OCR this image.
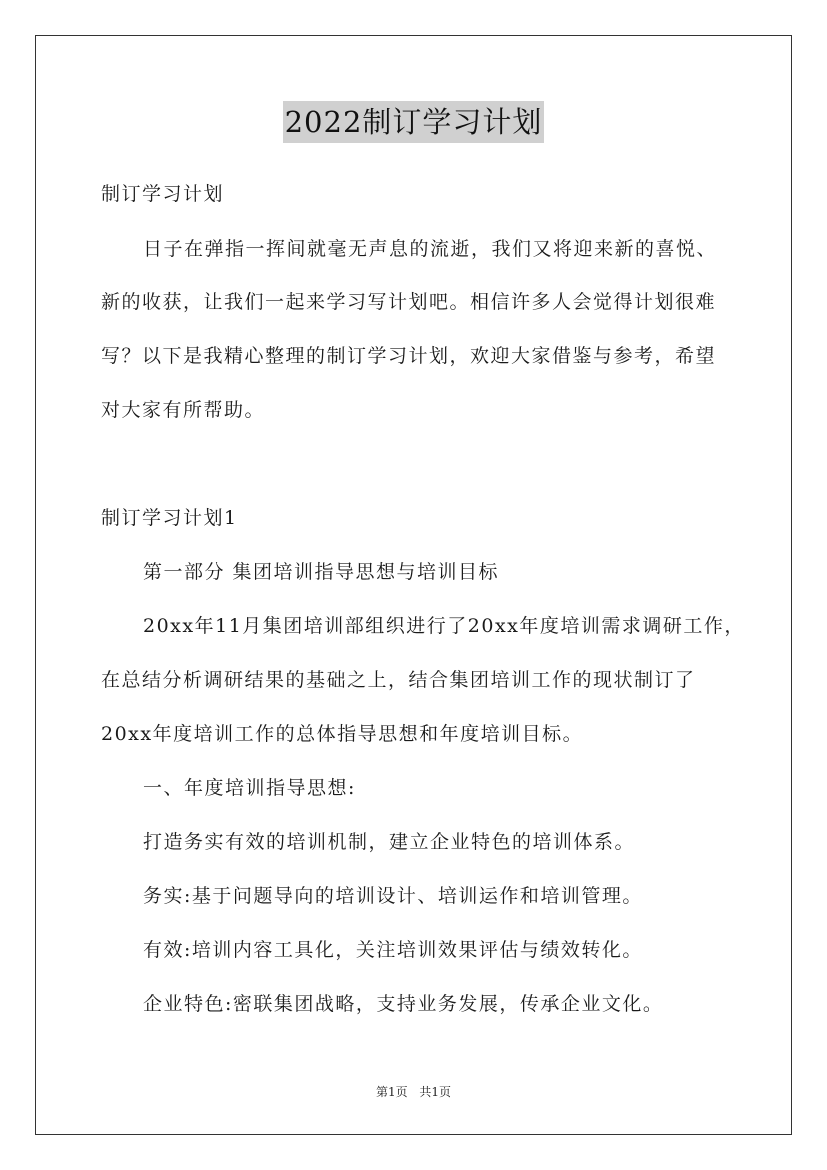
2022制订学习计划
制订学习计划
日子在弹指一挥间就毫无声息的流逝，我们又将迎来新的喜悦、
新的收获，让我们一起来学习写计划吧。相信许多人会觉得计划很难
写？以下是我精心整理的制订学习计划，欢迎大家借鉴与参考，希望
对大家有所帮助。
制订学习计划1
第一部分 集团培训指导思想与培训目标
20xx年11月集团培训部组织进行了20xx年度培训需求调研工作，
在总结分析调研结果的基础之上，结合集团培训工作的现状制订了
20xx年度培训工作的总体指导思想和年度培训目标。
一、年度培训指导思想:
打造务实有效的培训机制，建立企业特色的培训体系。
务实:基于问题导向的培训设计、培训运作和培训管理。
有效:培训内容工具化，关注培训效果评估与绩效转化。
企业特色:密联集团战略，支持业务发展，传承企业文化。
第1页 共1页
